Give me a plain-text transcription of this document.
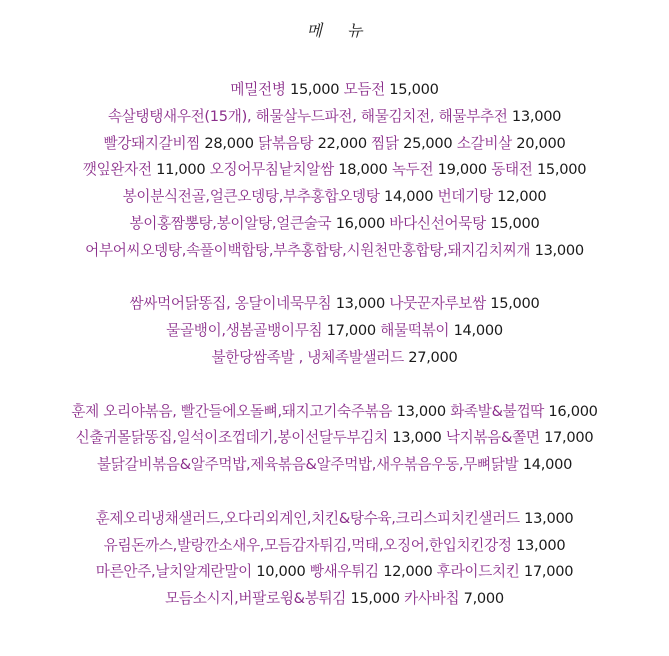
메 뉴
메밀전병 15,000 모듬전 15,000
속살탱탱새우전(15개), 해물살누드파전, 해물김치전, 해물부추전 13,000
빨강돼지갈비찜 28,000 닭볶음탕 22,000 찜닭 25,000 소갈비살 20,000
깻잎완자전 11,000 오징어무침낱치알쌈 18,000 녹두전 19,000 동태전 15,000
봉이분식전골,얼큰오뎅탕,부추홍합오뎅탕 14,000 번데기탕 12,000
봉이홍짬뽕탕,봉이알탕,얼큰술국 16,000 바다신선어묵탕 15,000
어부어씨오뎅탕,속풀이백합탕,부추홍합탕,시원천만홍합탕,돼지김치찌개 13,000
쌈싸먹어닭똥집, 옹달이네묵무침 13,000 나뭇꾼자루보쌈 15,000
물골뱅이,생봄골뱅이무침 17,000 해물떡볶이 14,000
불한당쌈족발 , 냉체족발샐러드 27,000
훈제 오리야볶음, 빨간들에오돌뼈,돼지고기숙주볶음 13,000 화족발&불껍딱 16,000
신출귀몰닭똥집,일석이조껍데기,봉이선달두부김치 13,000 낙지볶음&쫄면 17,000
불닭갈비볶음&알주먹밥,제육볶음&알주먹밥,새우볶음우동,무뼈닭발 14,000
훈제오리냉채샐러드,오다리외계인,치킨&탕수육,크리스피치킨샐러드 13,000
유림돈까스,발랑깐소새우,모듬감자튀김,먹태,오징어,한입치킨강정 13,000
마른안주,날치알계란말이 10,000 빵새우튀김 12,000 후라이드치킨 17,000
모듬소시지,버팔로윙&봉튀김 15,000 카사바칩 7,000
